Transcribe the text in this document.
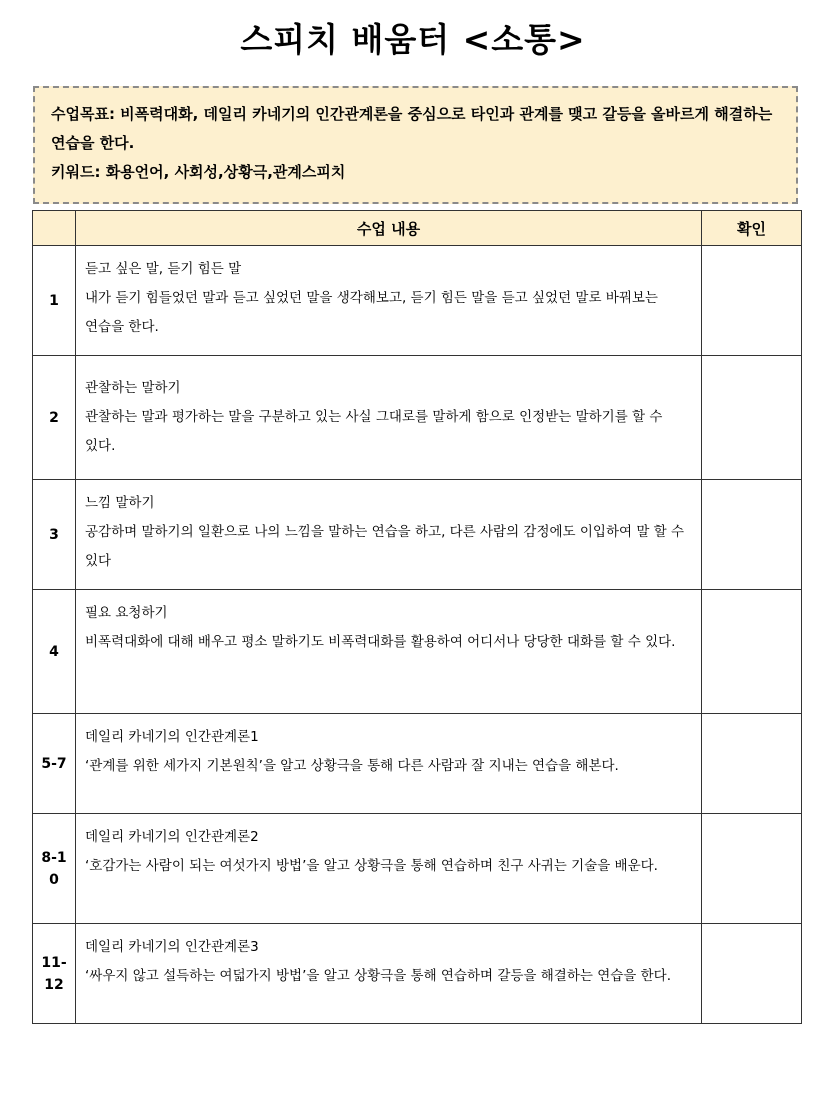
스피치 배움터 <소통>

수업목표: 비폭력대화, 데일리 카네기의 인간관계론을 중심으로 타인과 관계를 맺고 갈등을 올바르게 해결하는 연습을 한다.

키워드: 화용언어, 사회성,상황극,관계스피치

	수업 내용	확인
1	듣고 싶은 말, 듣기 힘든 말
내가 듣기 힘들었던 말과 듣고 싶었던 말을 생각해보고, 듣기 힘든 말을 듣고 싶었던 말로 바꿔보는 연습을 한다.	

2	관찰하는 말하기
관찰하는 말과 평가하는 말을 구분하고 있는 사실 그대로를 말하게 함으로 인정받는 말하기를 할 수 있다.	

3	느낌 말하기
공감하며 말하기의 일환으로 나의 느낌을 말하는 연습을 하고, 다른 사람의 감정에도 이입하여 말 할 수 있다	

4	필요 요청하기
비폭력대화에 대해 배우고 평소 말하기도 비폭력대화를 활용하여 어디서나 당당한 대화를 할 수 있다.	

5-7	데일리 카네기의 인간관계론1
‘관계를 위한 세가지 기본원칙’을 알고 상황극을 통해 다른 사람과 잘 지내는 연습을 해본다.	

8-10	데일리 카네기의 인간관계론2
‘호감가는 사람이 되는 여섯가지 방법’을 알고 상황극을 통해 연습하며 친구 사귀는 기술을 배운다.	

11-12	데일리 카네기의 인간관계론3
‘싸우지 않고 설득하는 여덟가지 방법’을 알고 상황극을 통해 연습하며 갈등을 해결하는 연습을 한다.	
